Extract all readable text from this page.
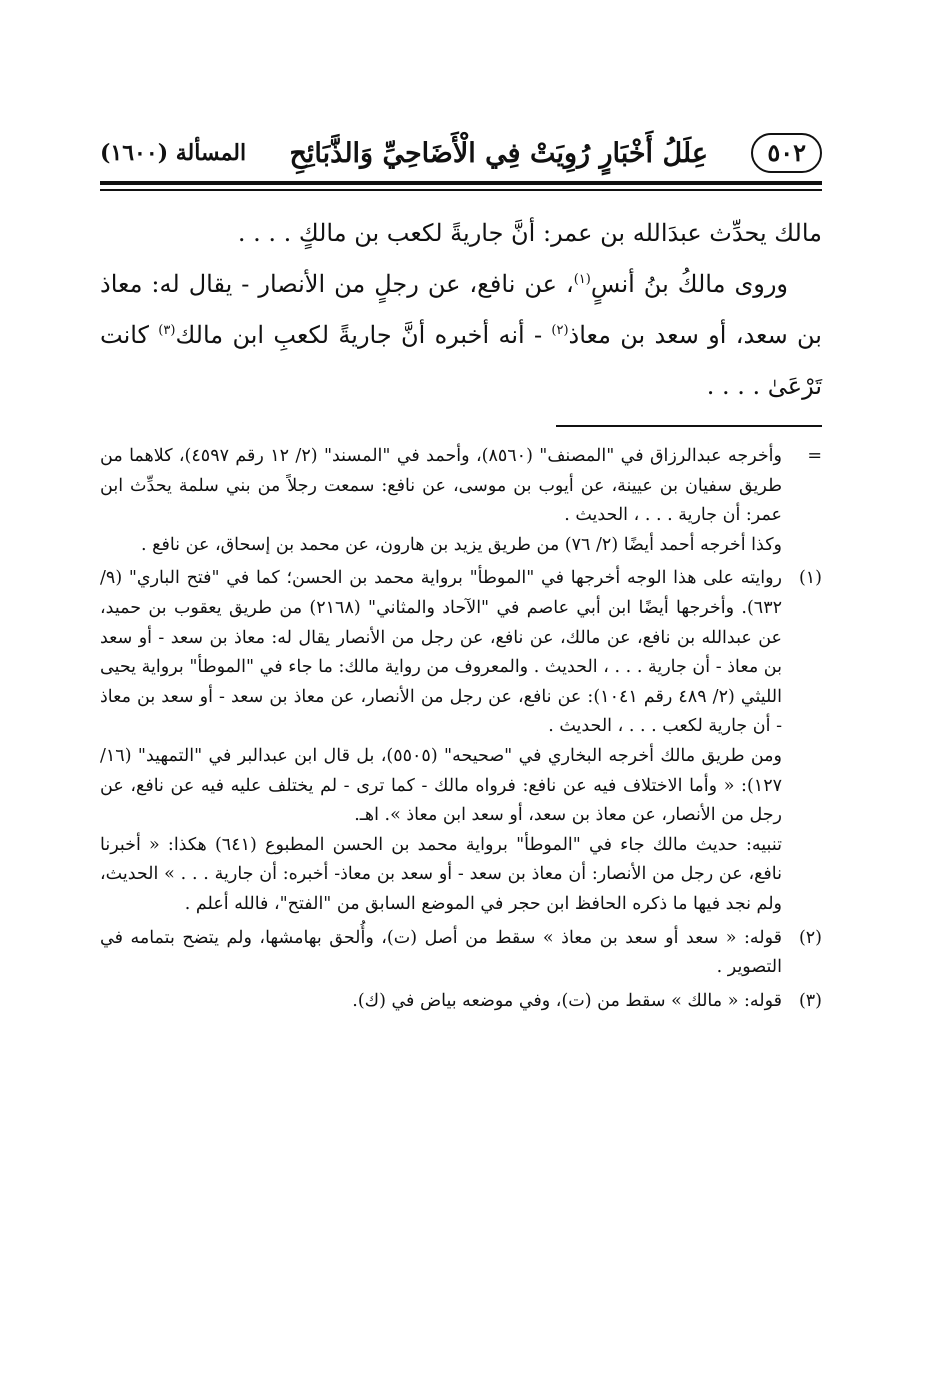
٥٠٢
عِلَلُ أَخْبَارٍ رُوِيَتْ فِي الْأَضَاحِيِّ وَالذَّبَائِحِ
المسألة (١٦٠٠)

مالك يحدِّث عبدَالله بن عمر: أنَّ جاريةً لكعب بن مالكٍ . . . .

وروى مالكُ بنُ أنسٍ$^{(١)}$، عن نافع، عن رجلٍ من الأنصار - يقال له: معاذ بن سعد، أو سعد بن معاذ$^{(٢)}$ - أنه أخبره أنَّ جاريةً لكعبِ ابن مالك$^{(٣)}$ كانت تَرْعَىٰ . . . .

=

وأخرجه عبدالرزاق في "المصنف" (٨٥٦٠)، وأحمد في "المسند" (٢/ ١٢ رقم ٤٥٩٧)، كلاهما من طريق سفيان بن عيينة، عن أيوب بن موسى، عن نافع: سمعت رجلاً من بني سلمة يحدِّث ابن عمر: أن جارية . . . ، الحديث .

وكذا أخرجه أحمد أيضًا (٢/ ٧٦) من طريق يزيد بن هارون، عن محمد بن إسحاق، عن نافع .

(١)

روايته على هذا الوجه أخرجها في "الموطأ" برواية محمد بن الحسن؛ كما في "فتح الباري" (٩/ ٦٣٢). وأخرجها أيضًا ابن أبي عاصم في "الآحاد والمثاني" (٢١٦٨) من طريق يعقوب بن حميد، عن عبدالله بن نافع، عن مالك، عن نافع، عن رجل من الأنصار يقال له: معاذ بن سعد - أو سعد بن معاذ - أن جارية . . . ، الحديث . والمعروف من رواية مالك: ما جاء في "الموطأ" برواية يحيى الليثي (٢/ ٤٨٩ رقم ١٠٤١): عن نافع، عن رجل من الأنصار، عن معاذ بن سعد - أو سعد بن معاذ - أن جارية لكعب . . . ، الحديث .

ومن طريق مالك أخرجه البخاري في "صحيحه" (٥٥٠٥)، بل قال ابن عبدالبر في "التمهيد" (١٦/ ١٢٧): « وأما الاختلاف فيه عن نافع: فرواه مالك - كما ترى - لم يختلف عليه فيه عن نافع، عن رجل من الأنصار، عن معاذ بن سعد، أو سعد ابن معاذ ». اهـ.

تنبيه: حديث مالك جاء في "الموطأ" برواية محمد بن الحسن المطبوع (٦٤١) هكذا: « أخبرنا نافع، عن رجل من الأنصار: أن معاذ بن سعد - أو سعد بن معاذ- أخبره: أن جارية . . . » الحديث، ولم نجد فيها ما ذكره الحافظ ابن حجر في الموضع السابق من "الفتح"، فالله أعلم .

(٢)

قوله: « سعد أو سعد بن معاذ » سقط من أصل (ت)، وأُلحق بهامشها، ولم يتضح بتمامه في التصوير .

(٣)

قوله: « مالك » سقط من (ت)، وفي موضعه بياض في (ك).
